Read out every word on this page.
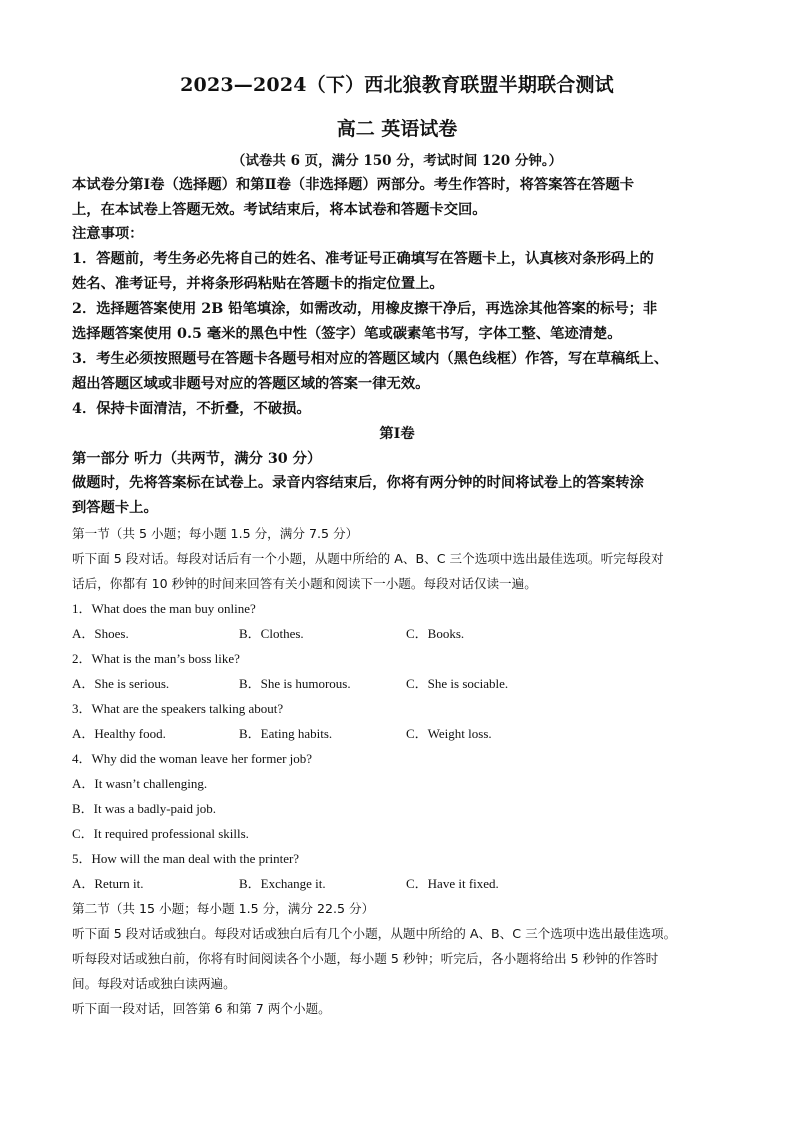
2023—2024（下）西北狼教育联盟半期联合测试
高二 英语试卷
（试卷共 6 页，满分 150 分，考试时间 120 分钟。）
本试卷分第Ⅰ卷（选择题）和第Ⅱ卷（非选择题）两部分。考生作答时，将答案答在答题卡
上，在本试卷上答题无效。考试结束后，将本试卷和答题卡交回。
注意事项：
1．答题前，考生务必先将自己的姓名、准考证号正确填写在答题卡上，认真核对条形码上的
姓名、准考证号，并将条形码粘贴在答题卡的指定位置上。
2．选择题答案使用 2B 铅笔填涂，如需改动，用橡皮擦干净后，再选涂其他答案的标号；非
选择题答案使用 0.5 毫米的黑色中性（签字）笔或碳素笔书写，字体工整、笔迹清楚。
3．考生必须按照题号在答题卡各题号相对应的答题区域内（黑色线框）作答，写在草稿纸上、
超出答题区域或非题号对应的答题区域的答案一律无效。
4．保持卡面清洁，不折叠，不破损。
第Ⅰ卷
第一部分 听力（共两节，满分 30 分）
做题时，先将答案标在试卷上。录音内容结束后，你将有两分钟的时间将试卷上的答案转涂
到答题卡上。
第一节（共 5 小题；每小题 1.5 分，满分 7.5 分）
听下面 5 段对话。每段对话后有一个小题，从题中所给的 A、B、C 三个选项中选出最佳选项。听完每段对
话后，你都有 10 秒钟的时间来回答有关小题和阅读下一小题。每段对话仅读一遍。
1．What does the man buy online?
A．Shoes.	B．Clothes.	C．Books.
2．What is the man’s boss like?
A．She is serious.	B．She is humorous.	C．She is sociable.
3．What are the speakers talking about?
A．Healthy food.	B．Eating habits.	C．Weight loss.
4．Why did the woman leave her former job?
A．It wasn’t challenging.
B．It was a badly-paid job.
C．It required professional skills.
5．How will the man deal with the printer?
A．Return it.	B．Exchange it.	C．Have it fixed.
第二节（共 15 小题；每小题 1.5 分，满分 22.5 分）
听下面 5 段对话或独白。每段对话或独白后有几个小题，从题中所给的 A、B、C 三个选项中选出最佳选项。
听每段对话或独白前，你将有时间阅读各个小题，每小题 5 秒钟；听完后，各小题将给出 5 秒钟的作答时
间。每段对话或独白读两遍。
听下面一段对话，回答第 6 和第 7 两个小题。
